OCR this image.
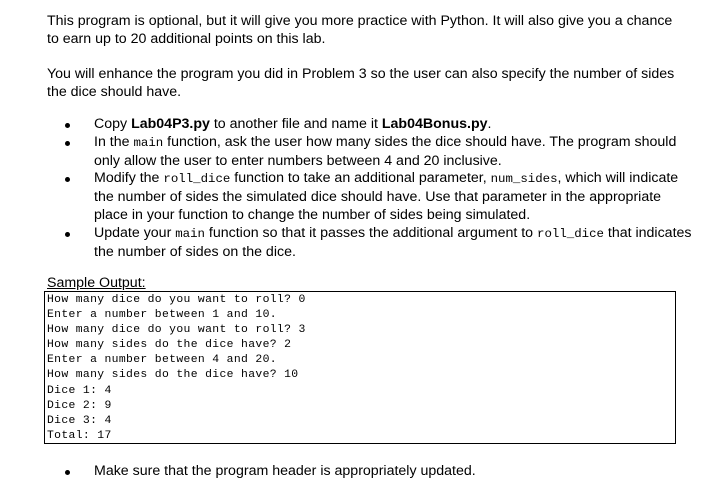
This program is optional, but it will give you more practice with Python. It will also give you a chance to earn up to 20 additional points on this lab.
You will enhance the program you did in Problem 3 so the user can also specify the number of sides the dice should have.
Copy Lab04P3.py to another file and name it Lab04Bonus.py.
In the main function, ask the user how many sides the dice should have. The program should only allow the user to enter numbers between 4 and 20 inclusive.
Modify the roll_dice function to take an additional parameter, num_sides, which will indicate the number of sides the simulated dice should have. Use that parameter in the appropriate place in your function to change the number of sides being simulated.
Update your main function so that it passes the additional argument to roll_dice that indicates the number of sides on the dice.
Sample Output:
How many dice do you want to roll? 0
Enter a number between 1 and 10.
How many dice do you want to roll? 3
How many sides do the dice have? 2
Enter a number between 4 and 20.
How many sides do the dice have? 10
Dice 1: 4
Dice 2: 9
Dice 3: 4
Total: 17
Make sure that the program header is appropriately updated.
